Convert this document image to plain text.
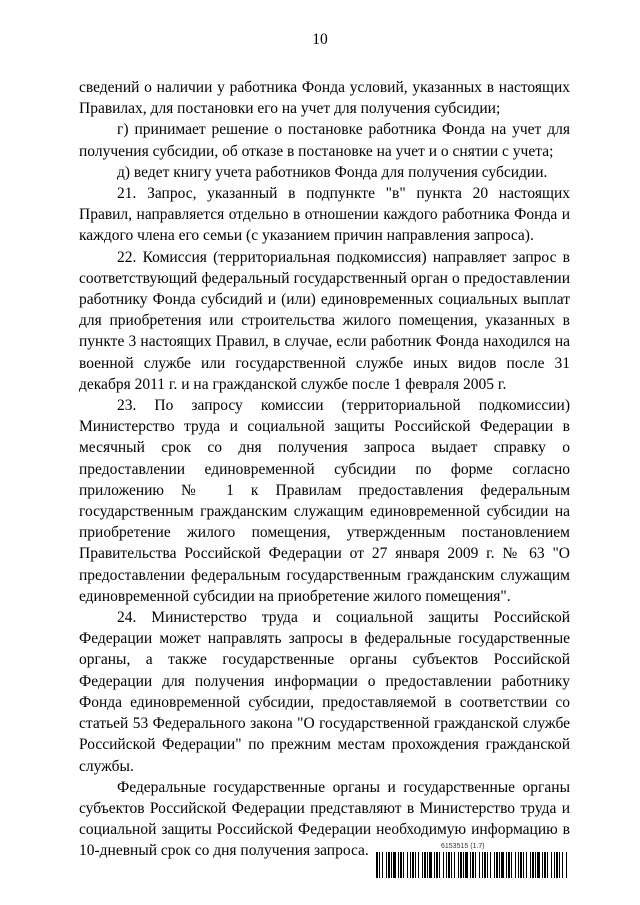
10

сведений о наличии у работника Фонда условий, указанных в настоящих Правилах, для постановки его на учет для получения субсидии;

г) принимает решение о постановке работника Фонда на учет для получения субсидии, об отказе в постановке на учет и о снятии с учета;

д) ведет книгу учета работников Фонда для получения субсидии.

21. Запрос, указанный в подпункте "в" пункта 20 настоящих Правил, направляется отдельно в отношении каждого работника Фонда и каждого члена его семьи (с указанием причин направления запроса).

22. Комиссия (территориальная подкомиссия) направляет запрос в соответствующий федеральный государственный орган о предоставлении работнику Фонда субсидий и (или) единовременных социальных выплат для приобретения или строительства жилого помещения, указанных в пункте 3 настоящих Правил, в случае, если работник Фонда находился на военной службе или государственной службе иных видов после 31 декабря 2011 г. и на гражданской службе после 1 февраля 2005 г.

23. По запросу комиссии (территориальной подкомиссии) Министерство труда и социальной защиты Российской Федерации в месячный срок со дня получения запроса выдает справку о предоставлении единовременной субсидии по форме согласно приложению № 1 к Правилам предоставления федеральным государственным гражданским служащим единовременной субсидии на приобретение жилого помещения, утвержденным постановлением Правительства Российской Федерации от 27 января 2009 г. № 63 "О предоставлении федеральным государственным гражданским служащим единовременной субсидии на приобретение жилого помещения".

24. Министерство труда и социальной защиты Российской Федерации может направлять запросы в федеральные государственные органы, а также государственные органы субъектов Российской Федерации для получения информации о предоставлении работнику Фонда единовременной субсидии, предоставляемой в соответствии со статьей 53 Федерального закона "О государственной гражданской службе Российской Федерации" по прежним местам прохождения гражданской службы.

Федеральные государственные органы и государственные органы субъектов Российской Федерации представляют в Министерство труда и социальной защиты Российской Федерации необходимую информацию в 10-дневный срок со дня получения запроса.	6153515 (1.7)
